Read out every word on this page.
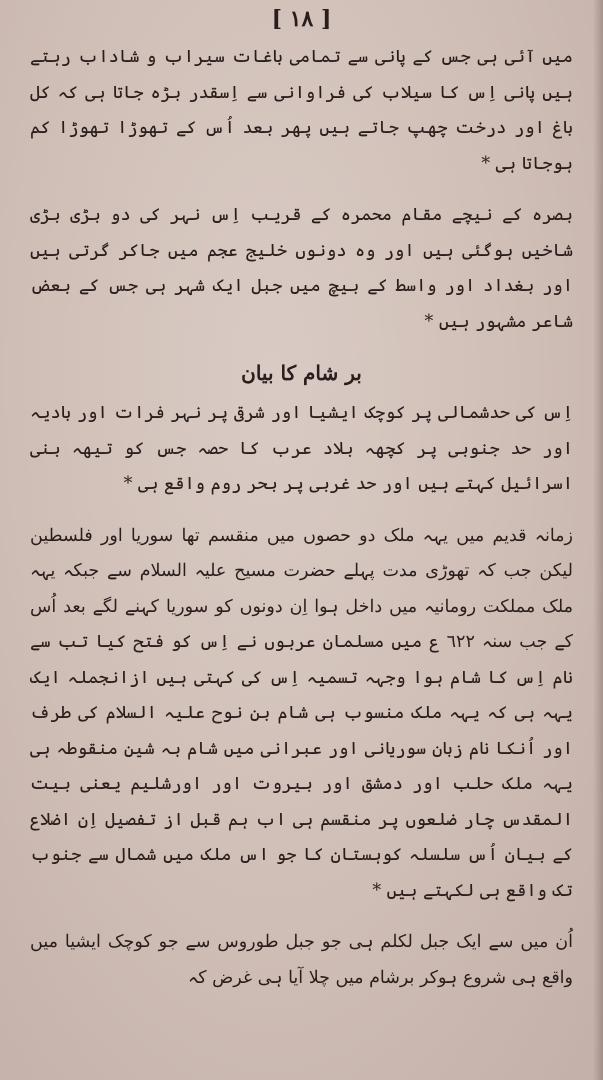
[ ١٨ ]

میں آئی ہی جس کے پانی سے تمامی باغات سیراب و شاداب رہتے ہیں پانی اِس کا سیلاب کی فراوانی سے اِسقدر بڑہ جاتا ہی کہ کل باغ اور درخت چھپ جاتے ہیں پھر بعد اُس کے تھوڑا تھوڑا کم ہوجاتا ہی *

بصرہ کے نیچے مقام محمرہ کے قریب اِس نہر کی دو بڑی بڑی شاخیں ہوگئی ہیں اور وہ دونوں خلیج عجم میں جاکر گرتی ہیں اور بغداد اور واسط کے بیچ میں جبل ایک شہر ہی جس کے بعض شاعر مشہور ہیں *

بر شام کا بیان

اِس کی حدشمالی پر کوچک ایشیا اور شرقی پر نہر فرات اور بادیہ اور حد جنوبی پر کچھہ بلاد عرب کا حصہ جس کو تیھہ بنی اسرائیل کہتے ہیں اور حد غربی پر بحر روم واقع ہی *

زمانہ قدیم میں یہہ ملک دو حصوں میں منقسم تھا سوریا اور فلسطین لیکن جب کہ تھوڑی مدت پہلے حضرت مسیح علیہ السلام سے جبکہ یہہ ملک مملکت رومانیہ میں داخل ہوا اِن دونوں کو سوریا کہنے لگے بعد اُس کے جب سنہ ٦٢٢ ع میں مسلمان عربوں نے اِس کو فتح کیا تب سے نام اِس کا شام ہوا وجہہ تسمیہ اِس کی کہتی ہیں ازانجملہ ایک یہہ ہی کہ یہہ ملک منسوب ہی شام بن نوح علیہ السلام کی طرف اور اُنکا نام زبان سوریانی اور عبرانی میں شام بہ شین منقوطہ ہی یہہ ملک حلب اور دمشق اور بیروت اور اورشلیم یعنی بیت المقدس چار ضلعوں پر منقسم ہی اب ہم قبل از تفصیل اِن اضلاع کے بیان اُس سلسلہ کوہستان کا جو اس ملک میں شمال سے جنوب تک واقع ہی لکہتے ہیں *

اُن میں سے ایک جبل لکلم ہی جو جبل طوروس سے جو کوچک ایشیا میں واقع ہی شروع ہوکر برشام میں چلا آیا ہی غرض کہ
